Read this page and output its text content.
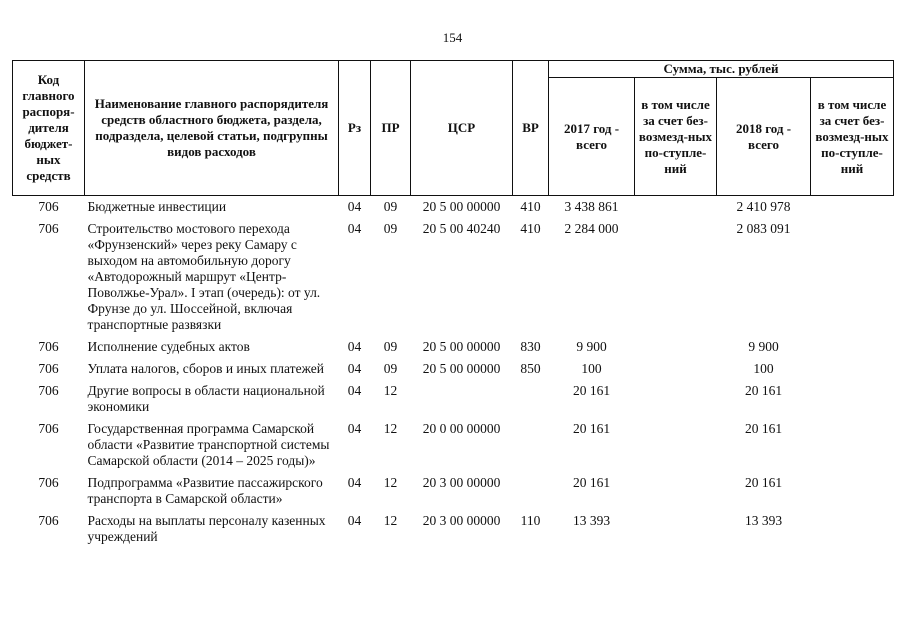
154
Код главного распоря-дителя бюджет-ных средств	Наименование главного распорядителя средств областного бюджета, раздела, подраздела, целевой статьи, подгрупны видов расходов	Рз	ПР	ЦСР	ВР	Сумма, тыс. рублей			
						2017 год - всего	в том числе за счет без-возмезд-ных по-ступле-ний	2018 год - всего	в том числе за счет без-возмезд-ных по-ступле-ний
706	Бюджетные инвестиции	04	09	20 5 00 00000	410	3 438 861		2 410 978	
706	Строительство мостового перехода «Фрунзенский» через реку Самару с выходом на автомобильную дорогу «Автодорожный маршрут «Центр-Поволжье-Урал». I этап (очередь): от ул. Фрунзе до ул. Шоссейной, включая транспортные развязки	04	09	20 5 00 40240	410	2 284 000		2 083 091	
706	Исполнение судебных актов	04	09	20 5 00 00000	830	9 900		9 900	
706	Уплата налогов, сборов и иных платежей	04	09	20 5 00 00000	850	100		100	
706	Другие вопросы в области национальной экономики	04	12			20 161		20 161	
706	Государственная программа Самарской области «Развитие транспортной системы Самарской области (2014 – 2025 годы)»	04	12	20 0 00 00000		20 161		20 161	
706	Подпрограмма «Развитие пассажирского транспорта в Самарской области»	04	12	20 3 00 00000		20 161		20 161	
706	Расходы на выплаты персоналу казенных учреждений	04	12	20 3 00 00000	110	13 393		13 393	
